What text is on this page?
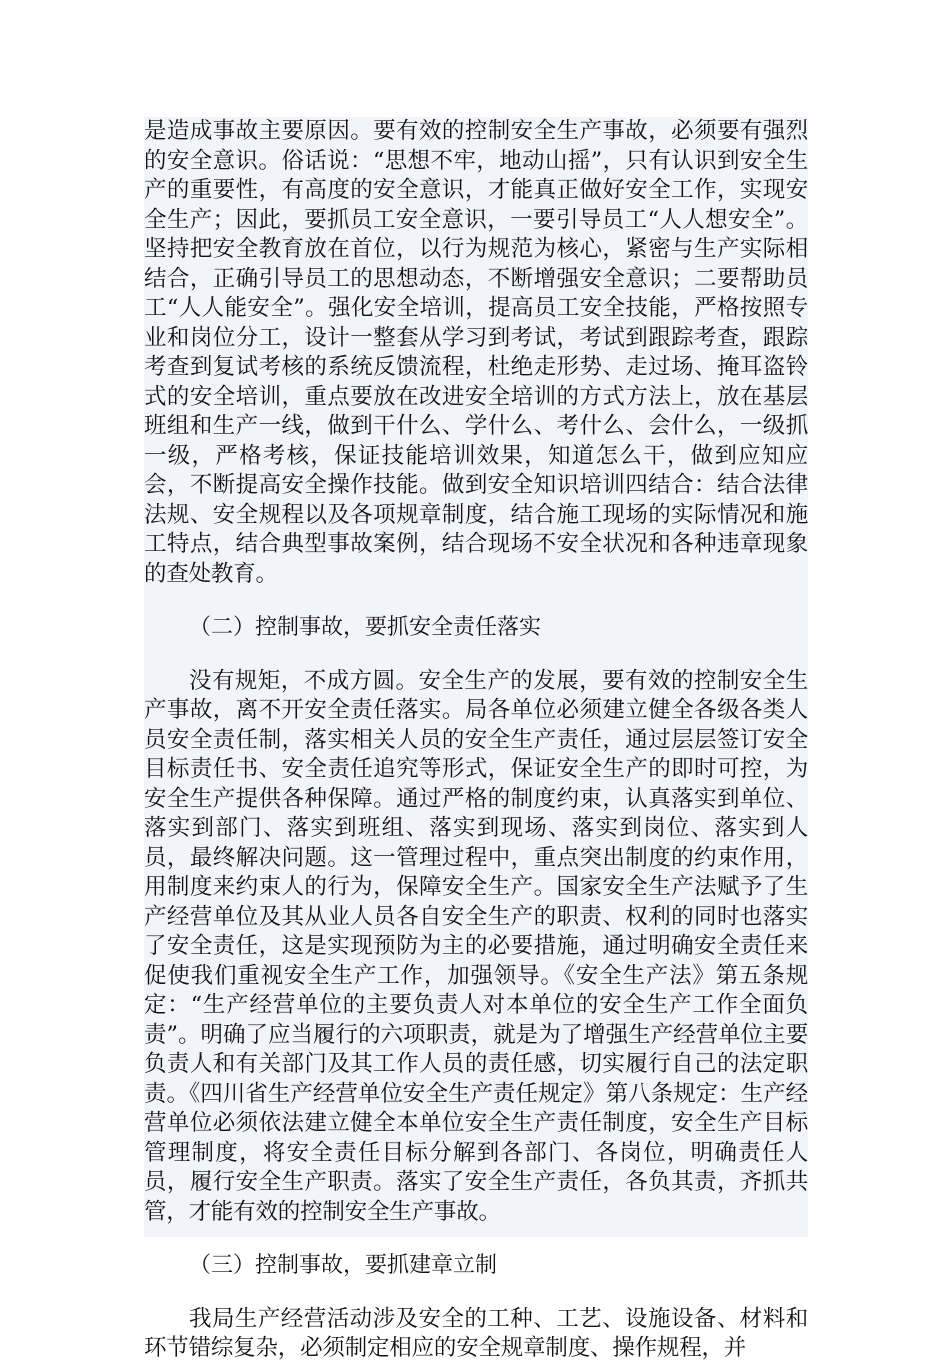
是造成事故主要原因。要有效的控制安全生产事故，必须要有强烈的安全意识。俗话说：“思想不牢，地动山摇”，只有认识到安全生产的重要性，有高度的安全意识，才能真正做好安全工作，实现安全生产；因此，要抓员工安全意识，一要引导员工“人人想安全”。坚持把安全教育放在首位，以行为规范为核心，紧密与生产实际相结合，正确引导员工的思想动态，不断增强安全意识；二要帮助员工“人人能安全”。强化安全培训，提高员工安全技能，严格按照专业和岗位分工，设计一整套从学习到考试，考试到跟踪考查，跟踪考查到复试考核的系统反馈流程，杜绝走形势、走过场、掩耳盗铃式的安全培训，重点要放在改进安全培训的方式方法上，放在基层班组和生产一线，做到干什么、学什么、考什么、会什么，一级抓一级，严格考核，保证技能培训效果，知道怎么干，做到应知应会，不断提高安全操作技能。做到安全知识培训四结合：结合法律法规、安全规程以及各项规章制度，结合施工现场的实际情况和施工特点，结合典型事故案例，结合现场不安全状况和各种违章现象的查处教育。

（二）控制事故，要抓安全责任落实

没有规矩，不成方圆。安全生产的发展，要有效的控制安全生产事故，离不开安全责任落实。局各单位必须建立健全各级各类人员安全责任制，落实相关人员的安全生产责任，通过层层签订安全目标责任书、安全责任追究等形式，保证安全生产的即时可控，为安全生产提供各种保障。通过严格的制度约束，认真落实到单位、落实到部门、落实到班组、落实到现场、落实到岗位、落实到人员，最终解决问题。这一管理过程中，重点突出制度的约束作用，用制度来约束人的行为，保障安全生产。国家安全生产法赋予了生产经营单位及其从业人员各自安全生产的职责、权利的同时也落实了安全责任，这是实现预防为主的必要措施，通过明确安全责任来促使我们重视安全生产工作，加强领导。《安全生产法》第五条规定：“生产经营单位的主要负责人对本单位的安全生产工作全面负责”。明确了应当履行的六项职责，就是为了增强生产经营单位主要负责人和有关部门及其工作人员的责任感，切实履行自己的法定职责。《四川省生产经营单位安全生产责任规定》第八条规定：生产经营单位必须依法建立健全本单位安全生产责任制度，安全生产目标管理制度，将安全责任目标分解到各部门、各岗位，明确责任人员，履行安全生产职责。落实了安全生产责任，各负其责，齐抓共管，才能有效的控制安全生产事故。

（三）控制事故，要抓建章立制

我局生产经营活动涉及安全的工种、工艺、设施设备、材料和环节错综复杂，必须制定相应的安全规章制度、操作规程，并
